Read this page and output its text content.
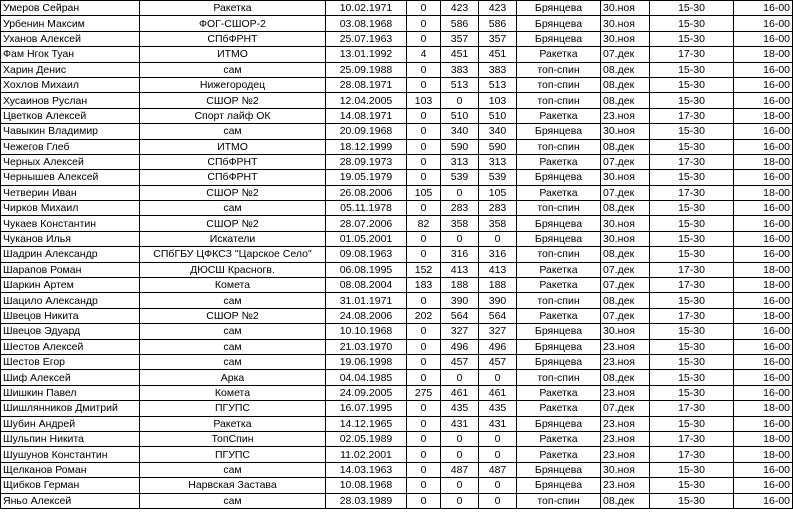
Умеров Сейран	Ракетка	10.02.1971	0	423	423	Брянцева	30.ноя	15-30	16-00
Урбенин Максим	ФОГ-СШОР-2	03.08.1968	0	586	586	Брянцева	30.ноя	15-30	16-00
Уханов Алексей	СПбФРНТ	25.07.1963	0	357	357	Брянцева	30.ноя	15-30	16-00
Фам Нгок Туан	ИТМО	13.01.1992	4	451	451	Ракетка	07.дек	17-30	18-00
Харин Денис	сам	25.09.1988	0	383	383	топ-спин	08.дек	15-30	16-00
Хохлов Михаил	Нижегородец	28.08.1971	0	513	513	топ-спин	08.дек	15-30	16-00
Хусаинов Руслан	СШОР №2	12.04.2005	103	0	103	топ-спин	08.дек	15-30	16-00
Цветков Алексей	Спорт лайф ОК	14.08.1971	0	510	510	Ракетка	23.ноя	17-30	18-00
Чавыкин Владимир	сам	20.09.1968	0	340	340	Брянцева	30.ноя	15-30	16-00
Чежегов Глеб	ИТМО	18.12.1999	0	590	590	топ-спин	08.дек	15-30	16-00
Черных Алексей	СПбФРНТ	28.09.1973	0	313	313	Ракетка	07.дек	17-30	18-00
Чернышев Алексей	СПбФРНТ	19.05.1979	0	539	539	Брянцева	30.ноя	15-30	16-00
Четверин Иван	СШОР №2	26.08.2006	105	0	105	Ракетка	07.дек	17-30	18-00
Чирков Михаил	сам	05.11.1978	0	283	283	топ-спин	08.дек	15-30	16-00
Чукаев Константин	СШОР №2	28.07.2006	82	358	358	Брянцева	30.ноя	15-30	16-00
Чуканов Илья	Искатели	01.05.2001	0	0	0	Брянцева	30.ноя	15-30	16-00
Шадрин Александр	СПбГБУ ЦФКСЗ "Царское Село"	09.08.1963	0	316	316	топ-спин	08.дек	15-30	16-00
Шарапов Роман	ДЮСШ Красногв.	06.08.1995	152	413	413	Ракетка	07.дек	17-30	18-00
Шаркин Артем	Комета	08.08.2004	183	188	188	Ракетка	07.дек	17-30	18-00
Шацило Александр	сам	31.01.1971	0	390	390	топ-спин	08.дек	15-30	16-00
Швецов Никита	СШОР №2	24.08.2006	202	564	564	Ракетка	07.дек	17-30	18-00
Швецов Эдуард	сам	10.10.1968	0	327	327	Брянцева	30.ноя	15-30	16-00
Шестов Алексей	сам	21.03.1970	0	496	496	Брянцева	23.ноя	15-30	16-00
Шестов Егор	сам	19.06.1998	0	457	457	Брянцева	23.ноя	15-30	16-00
Шиф Алексей	Арка	04.04.1985	0	0	0	топ-спин	08.дек	15-30	16-00
Шишкин Павел	Комета	24.09.2005	275	461	461	Ракетка	23.ноя	15-30	16-00
Шишлянников Дмитрий	ПГУПС	16.07.1995	0	435	435	Ракетка	07.дек	17-30	18-00
Шубин Андрей	Ракетка	14.12.1965	0	431	431	Брянцева	23.ноя	15-30	16-00
Шульпин Никита	ТопСпин	02.05.1989	0	0	0	Ракетка	23.ноя	17-30	18-00
Шушунов Константин	ПГУПС	11.02.2001	0	0	0	Ракетка	23.ноя	17-30	18-00
Щелканов Роман	сам	14.03.1963	0	487	487	Брянцева	30.ноя	15-30	16-00
Щибков Герман	Нарвская Застава	10.08.1968	0	0	0	Брянцева	23.ноя	15-30	16-00
Яньо Алексей	сам	28.03.1989	0	0	0	топ-спин	08.дек	15-30	16-00
